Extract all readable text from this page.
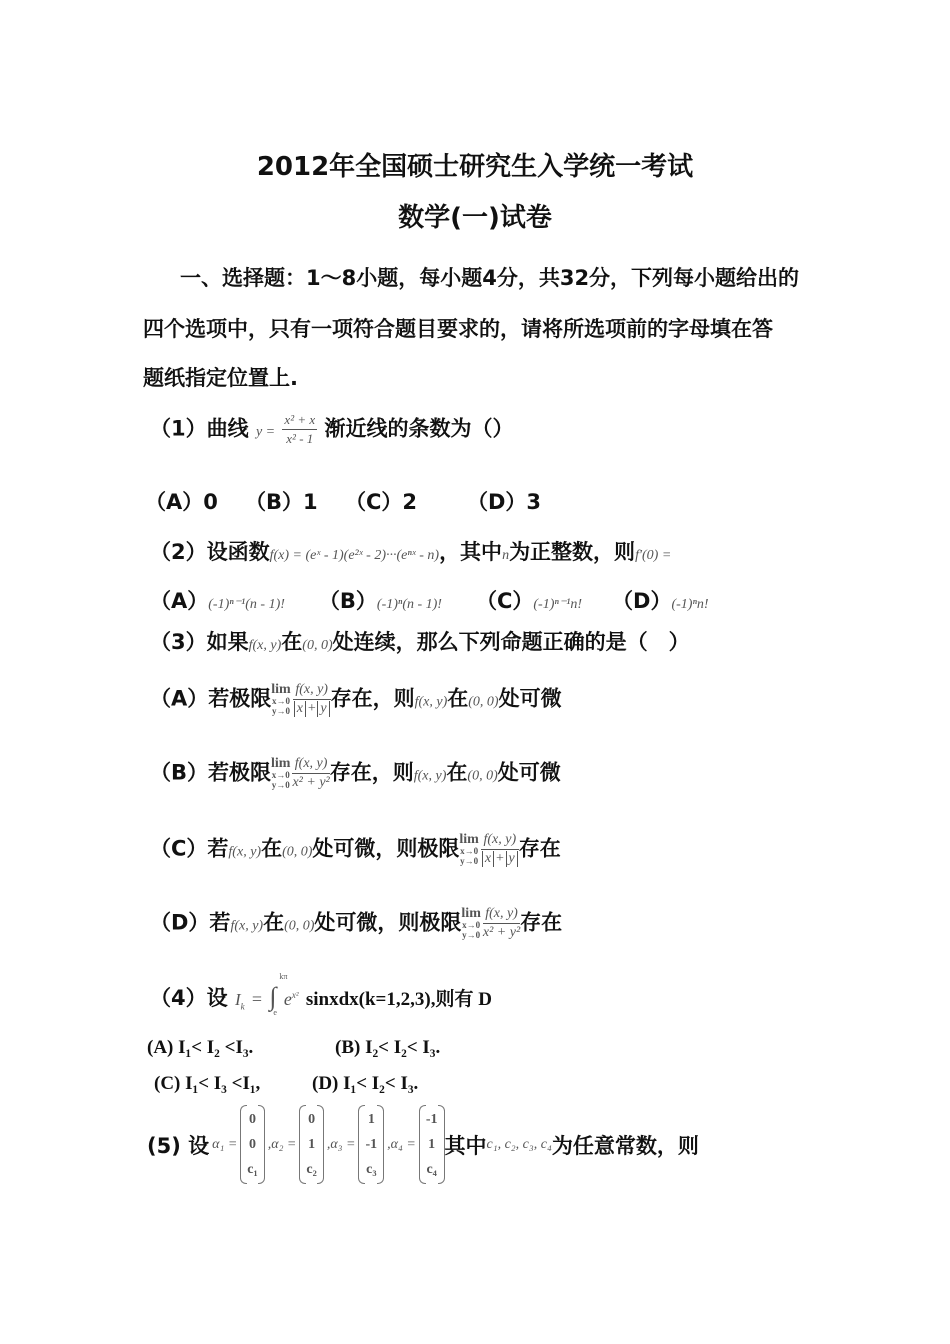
2012年全国硕士研究生入学统一考试
数学(一)试卷
一、选择题：1～8小题，每小题4分，共32分，下列每小题给出的
四个选项中，只有一项符合题目要求的，请将所选项前的字母填在答
题纸指定位置上.
（1）曲线 $y = \frac{\text{x² + x}}{\text{x² - 1}}$ 渐近线的条数为（）
（A）0 （B）1 （C）2 （D）3
（2）设函数f(x) = (eˣ - 1)(e²ˣ - 2)···(eⁿˣ - n)，其中n为正整数，则f′(0) =
（A）(-1)ⁿ⁻¹(n - 1)! （B）(-1)ⁿ(n - 1)! （C）(-1)ⁿ⁻¹n! （D）(-1)ⁿn!
（3）如果f(x, y)在(0, 0)处连续，那么下列命题正确的是（　）
（A）若极限lim
x→0
$y\to 0 \frac{f(x, y)}{x + y}$ 存在，则f(x, y)在(0, 0)处可微
（B）若极限lim
x→0
$y\to 0 \frac{f(x, y)}{\text{x² + y²}}$ 存在，则f(x, y)在(0, 0)处可微
（C）若f(x, y)在(0, 0)处可微，则极限lim
x→0
$y\to 0 \frac{f(x, y)}{x + y}$ 存在
（D）若f(x, y)在(0, 0)处可微，则极限lim
x→0
$y\to 0 \frac{f(x, y)}{\text{x² + y²}}$ 存在
（4）设 $I_k$ = ∫
kπ
e
$e^{x^2}$ sinxdx(k=1,2,3),则有 D
(A) I₁< I₂ <I₃.	(B) I₂< I₂< I₃.
(C) I₁< I₃ <I₁,	(D) I₁< I₂< I₃.
(5) 设 α₁ =
0
0
c₁
,α₂ =
0
1
c₂
,α₃ =
1
-1
c₃
,α₄ =
-1
1
c₄
其中 c₁, c₂, c₃, c₄ 为任意常数，则
